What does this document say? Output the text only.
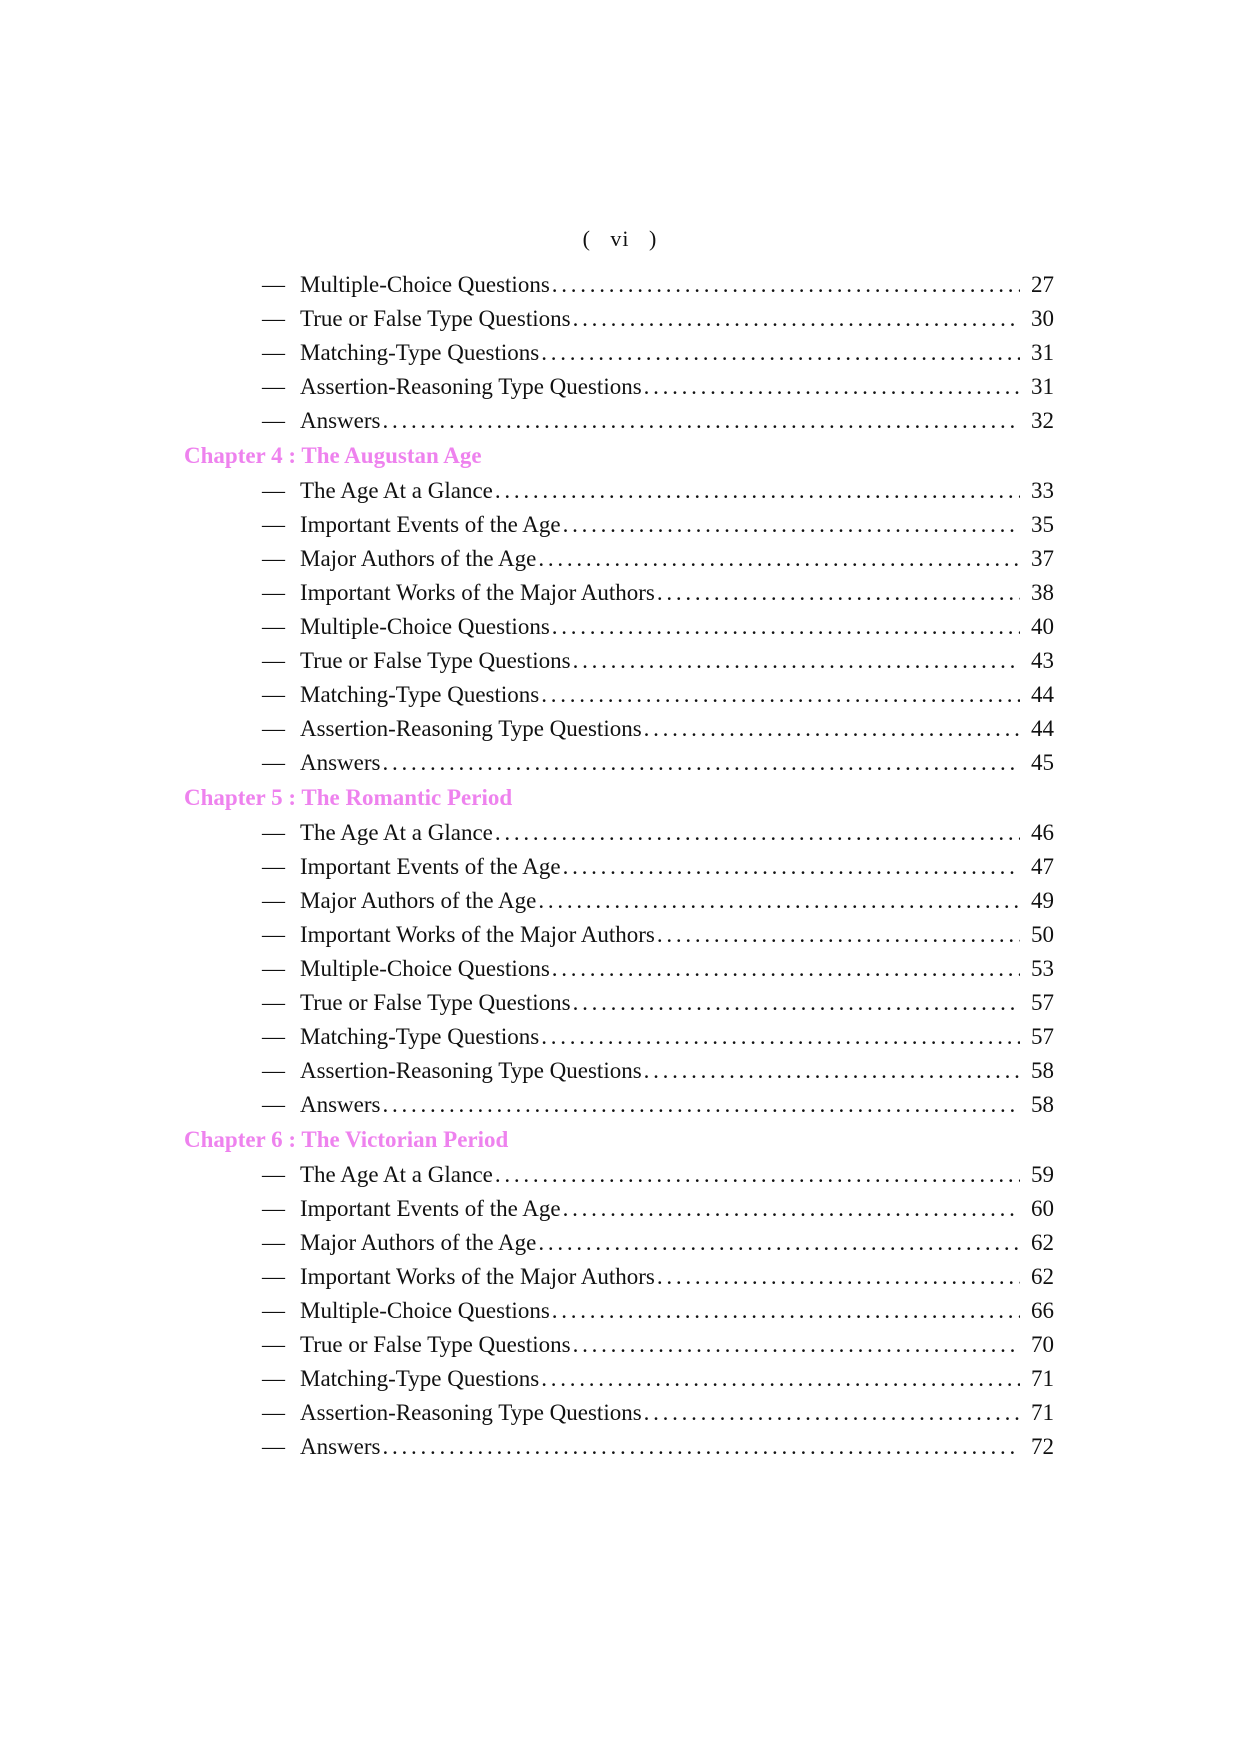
(   vi   )
— Multiple-Choice Questions . . .	27
— True or False Type Questions . . .	30
— Matching-Type Questions . . .	31
— Assertion-Reasoning Type Questions . . .	31
— Answers . . .	32
Chapter 4 : The Augustan Age
— The Age At a Glance . . .	33
— Important Events of the Age . . .	35
— Major Authors of the Age . . .	37
— Important Works of the Major Authors . . .	38
— Multiple-Choice Questions . . .	40
— True or False Type Questions . . .	43
— Matching-Type Questions . . .	44
— Assertion-Reasoning Type Questions . . .	44
— Answers . . .	45
Chapter 5 : The Romantic Period
— The Age At a Glance . . .	46
— Important Events of the Age . . .	47
— Major Authors of the Age . . .	49
— Important Works of the Major Authors . . .	50
— Multiple-Choice Questions . . .	53
— True or False Type Questions . . .	57
— Matching-Type Questions . . .	57
— Assertion-Reasoning Type Questions . . .	58
— Answers . . .	58
Chapter 6 : The Victorian Period
— The Age At a Glance . . .	59
— Important Events of the Age . . .	60
— Major Authors of the Age . . .	62
— Important Works of the Major Authors . . .	62
— Multiple-Choice Questions . . .	66
— True or False Type Questions . . .	70
— Matching-Type Questions . . .	71
— Assertion-Reasoning Type Questions . . .	71
— Answers . . .	72
